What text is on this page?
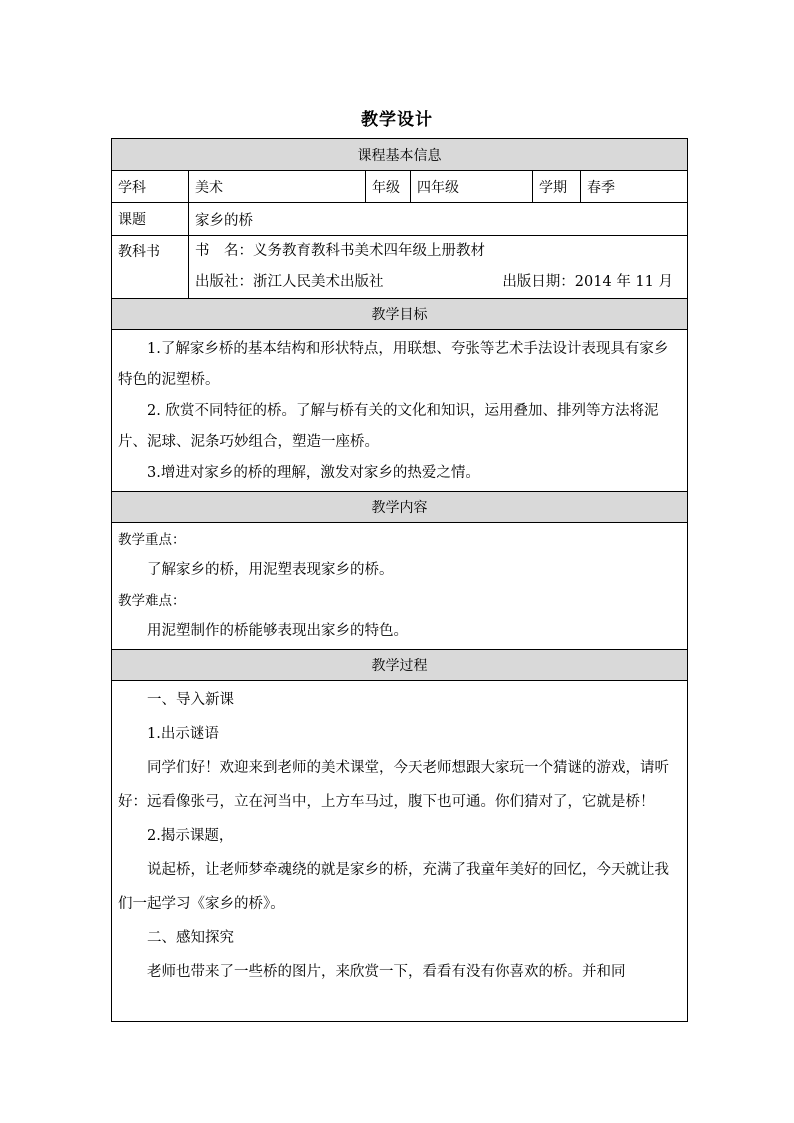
教学设计
课程基本信息
学科	美术	年级	四年级	学期	春季
课题	家乡的桥
教科书	书　名：义务教育教科书美术四年级上册教材
出版社：浙江人民美术出版社	出版日期：2014 年 11 月
教学目标
1.了解家乡桥的基本结构和形状特点，用联想、夸张等艺术手法设计表现具有家乡特色的泥塑桥。
2. 欣赏不同特征的桥。了解与桥有关的文化和知识，运用叠加、排列等方法将泥片、泥球、泥条巧妙组合，塑造一座桥。
3.增进对家乡的桥的理解，激发对家乡的热爱之情。
教学内容
教学重点：
了解家乡的桥，用泥塑表现家乡的桥。
教学难点：
用泥塑制作的桥能够表现出家乡的特色。
教学过程

一、导入新课

1.出示谜语

同学们好！欢迎来到老师的美术课堂，今天老师想跟大家玩一个猜谜的游戏，请听好：远看像张弓，立在河当中，上方车马过，腹下也可通。你们猜对了，它就是桥！

2.揭示课题，

说起桥，让老师梦牵魂绕的就是家乡的桥，充满了我童年美好的回忆，今天就让我们一起学习《家乡的桥》。

二、感知探究

老师也带来了一些桥的图片，来欣赏一下，看看有没有你喜欢的桥。并和同
